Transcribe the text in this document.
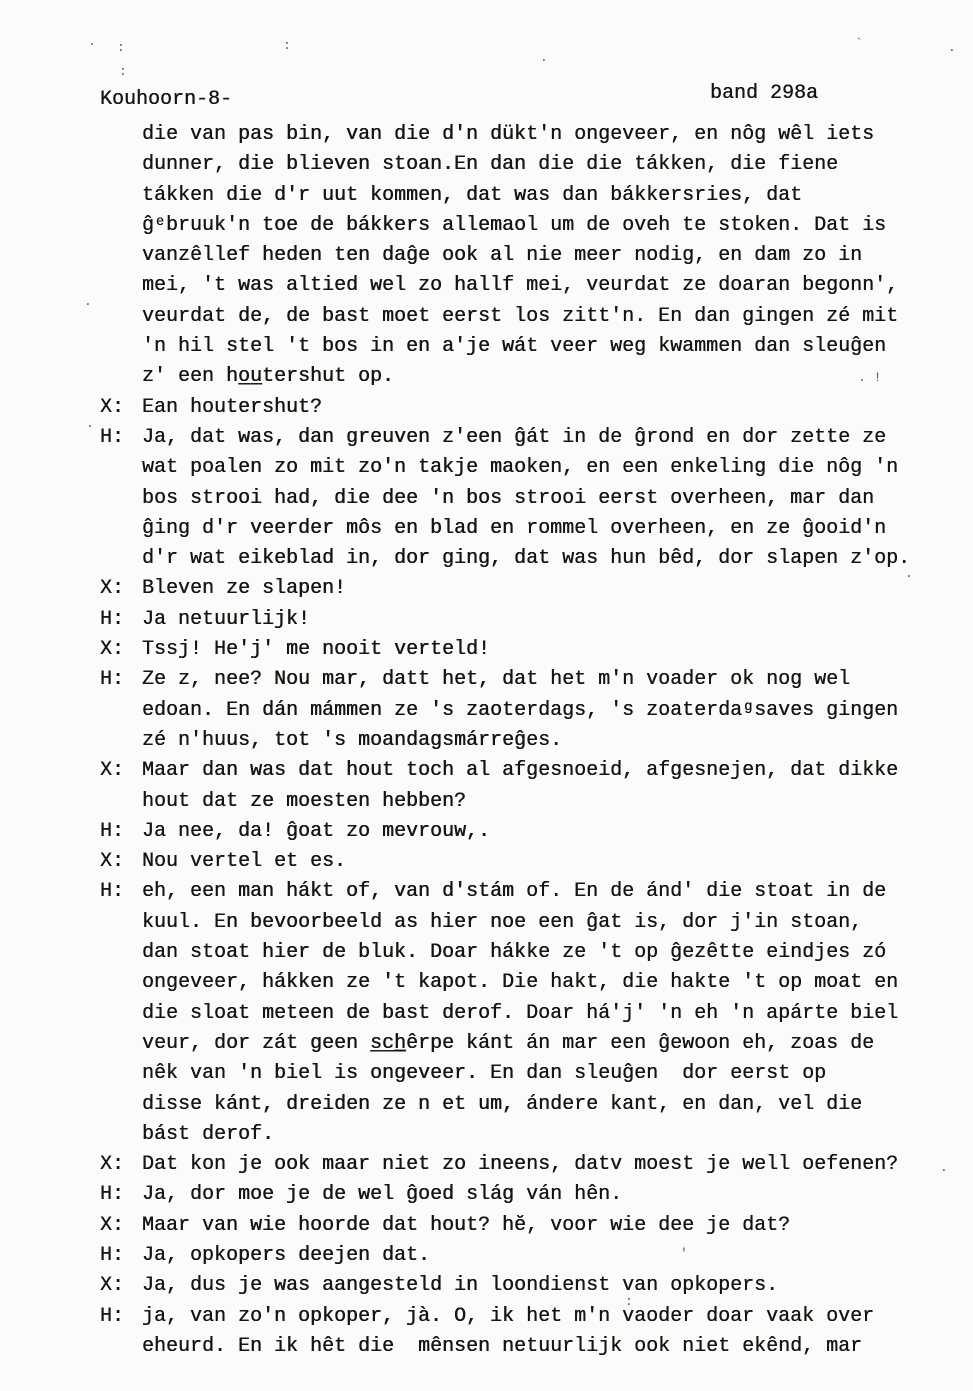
Kouhoorn-8-	band 298a
die van pas bin, van die d'n dükt'n ongeveer, en nôg wêl iets
dunner, die blieven stoan.En dan die die tákken, die fiene
tákken die d'r uut kommen, dat was dan bákkersries, dat
ĝᵉbruuk'n toe de bákkers allemaol um de oveh te stoken. Dat is
vanzêllef heden ten daĝe ook al nie meer nodig, en dam zo in
mei, 't was altied wel zo hallf mei, veurdat ze doaran begonn',
veurdat de, de bast moet eerst los zitt'n. En dan gingen zé mit
'n hil stel 't bos in en a'je wát veer weg kwammen dan sleuĝen
z' een ho̲u̲tershut op.
X: Ean houtershut?
H: Ja, dat was, dan greuven z'een ĝát in de ĝrond en dor zette ze
wat poalen zo mit zo'n takje maoken, en een enkeling die nôg 'n
bos strooi had, die dee 'n bos strooi eerst overheen, mar dan
ĝing d'r veerder môs en blad en rommel overheen, en ze ĝooid'n
d'r wat eikeblad in, dor ging, dat was hun bêd, dor slapen z'op.
X: Bleven ze slapen!
H: Ja netuurlijk!
X: Tssj! He'j' me nooit verteld!
H: Ze z, nee? Nou mar, datt het, dat het m'n voader ok nog wel
edoan. En dán mámmen ze 's zaoterdags, 's zoaterdaᵍsaves gingen
zé n'huus, tot 's moandagsmárreĝes.
X: Maar dan was dat hout toch al afgesnoeid, afgesnejen, dat dikke
hout dat ze moesten hebben?
H: Ja nee, da! ĝoat zo mevrouw,.
X: Nou vertel et es.
H: eh, een man hákt of, van d'stám of. En de ánd' die stoat in de
kuul. En bevoorbeeld as hier noe een ĝat is, dor j'in stoan,
dan stoat hier de bluk. Doar hákke ze 't op ĝezêtte eindjes zó
ongeveer, hákken ze 't kapot. Die hakt, die hakte 't op moat en
die sloat meteen de bast derof. Doar há'j' 'n eh 'n apárte biel
veur, dor zát geen s̲c̲h̲êrpe kánt án mar een ĝewoon eh, zoas de
nêk van 'n biel is ongeveer. En dan sleuĝen  dor eerst op
disse kánt, dreiden ze n et um, ándere kant, en dan, vel die
bást derof.
X: Dat kon je ook maar niet zo ineens, datv moest je well oefenen?
H: Ja, dor moe je de wel ĝoed slág ván hên.
X: Maar van wie hoorde dat hout? hĕ, voor wie dee je dat?
H: Ja, opkopers deejen dat.
X: Ja, dus je was aangesteld in loondienst van opkopers.
H: ja, van zo'n opkoper, jà. O, ik het m'n vaoder doar vaak over
eheurd. En ik hêt die  mênsen netuurlijk ook niet ekênd, mar
. :
:
:
.
`	.
. !
.
.
.
:
.
'
